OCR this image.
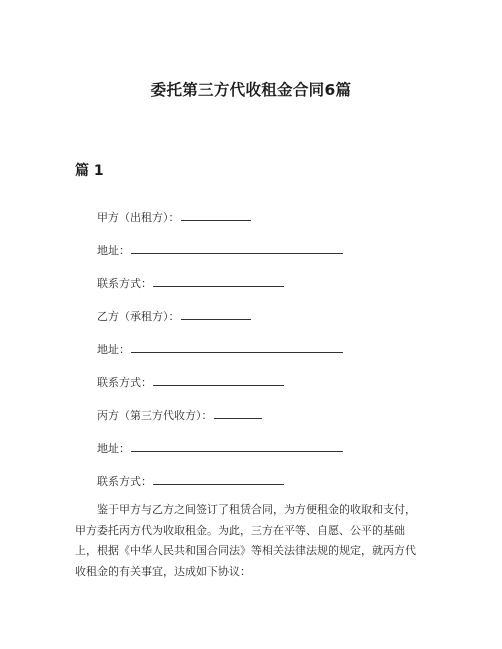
委托第三方代收租金合同6篇
篇 1
甲方（出租方）：
地址：
联系方式：
乙方（承租方）：
地址：
联系方式：
丙方（第三方代收方）：
地址：
联系方式：
鉴于甲方与乙方之间签订了租赁合同，为方便租金的收取和支付，
甲方委托丙方代为收取租金。为此，三方在平等、自愿、公平的基础
上，根据《中华人民共和国合同法》等相关法律法规的规定，就丙方代
收租金的有关事宜，达成如下协议：
